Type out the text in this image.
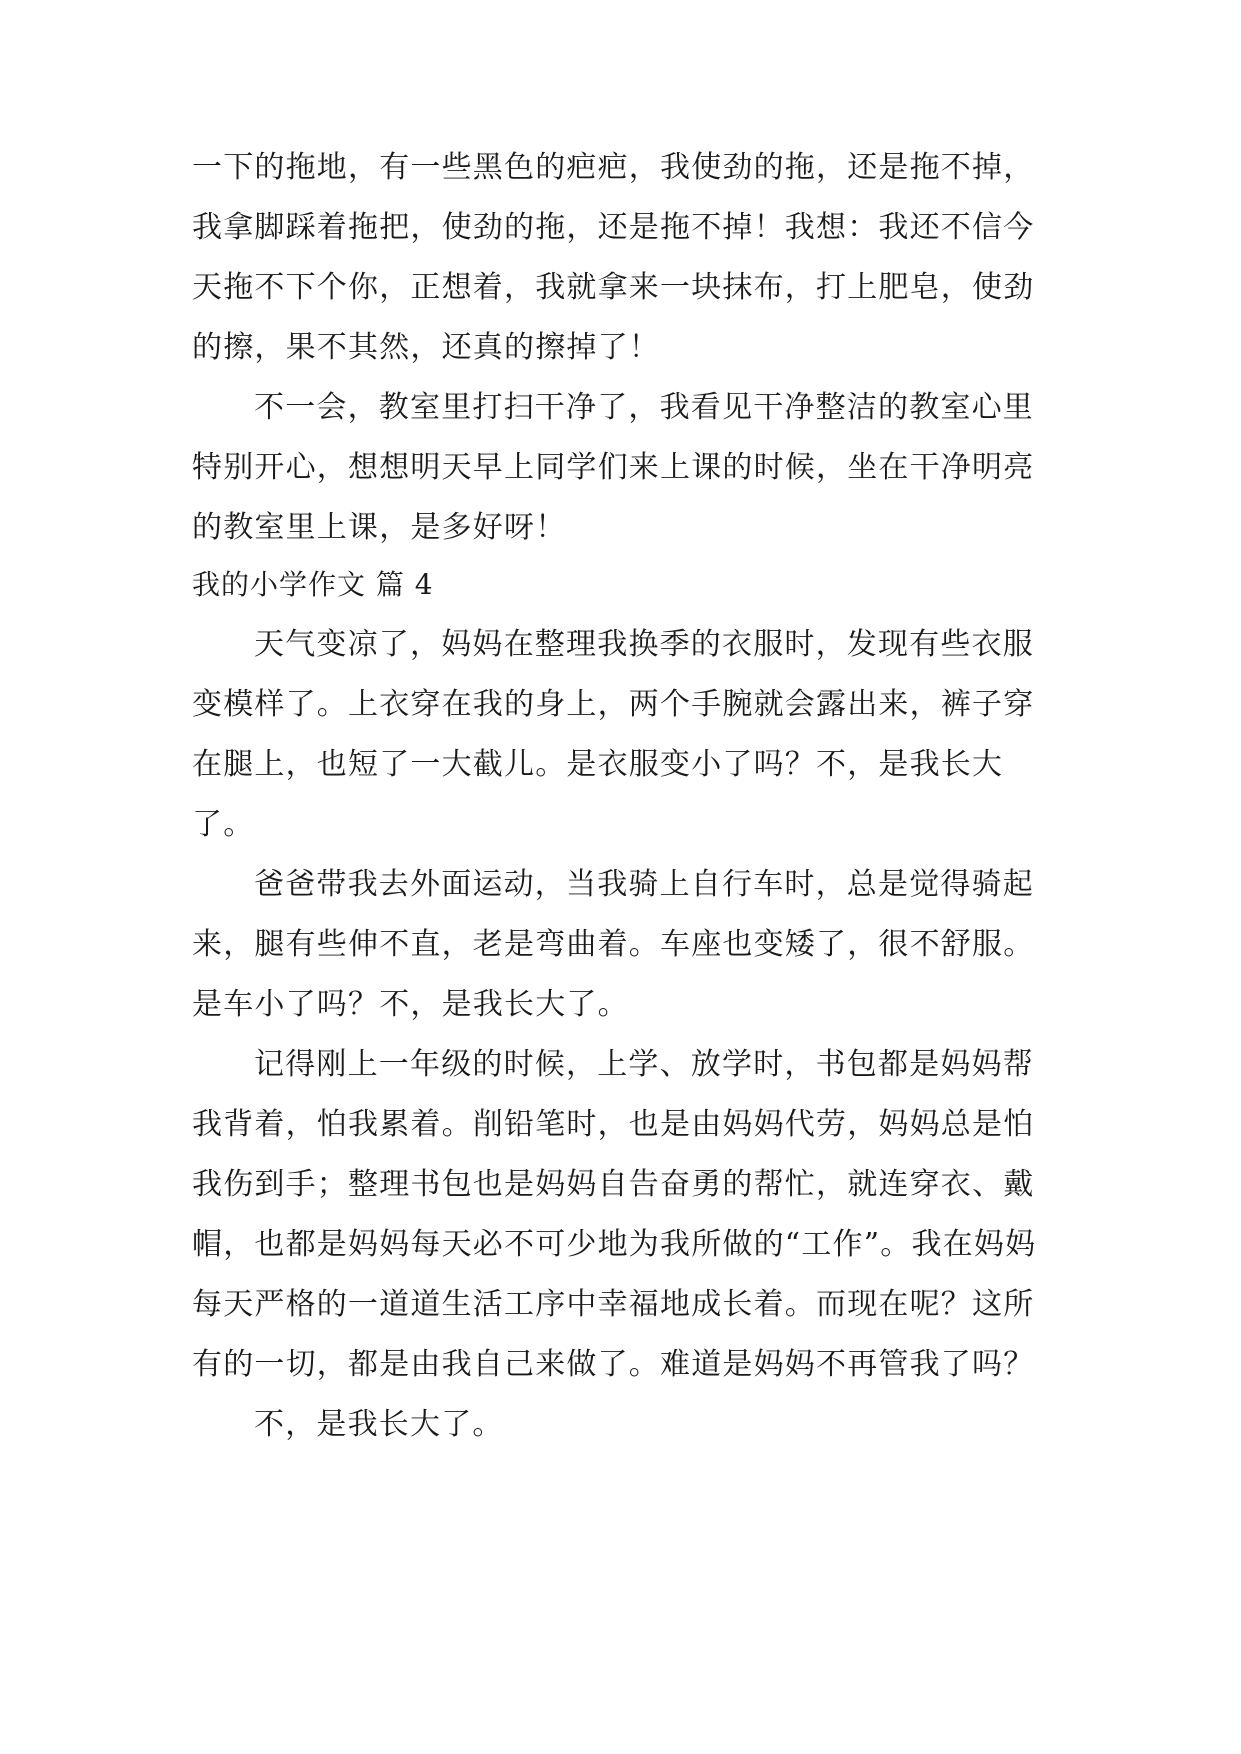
一下的拖地，有一些黑色的疤疤，我使劲的拖，还是拖不掉，我拿脚踩着拖把，使劲的拖，还是拖不掉！我想：我还不信今天拖不下个你，正想着，我就拿来一块抹布，打上肥皂，使劲的擦，果不其然，还真的擦掉了！

不一会，教室里打扫干净了，我看见干净整洁的教室心里特别开心，想想明天早上同学们来上课的时候，坐在干净明亮的教室里上课，是多好呀！

我的小学作文 篇 4

天气变凉了，妈妈在整理我换季的衣服时，发现有些衣服变模样了。上衣穿在我的身上，两个手腕就会露出来，裤子穿在腿上，也短了一大截儿。是衣服变小了吗？不，是我长大了。

爸爸带我去外面运动，当我骑上自行车时，总是觉得骑起来，腿有些伸不直，老是弯曲着。车座也变矮了，很不舒服。是车小了吗？不，是我长大了。

记得刚上一年级的时候，上学、放学时，书包都是妈妈帮我背着，怕我累着。削铅笔时，也是由妈妈代劳，妈妈总是怕我伤到手；整理书包也是妈妈自告奋勇的帮忙，就连穿衣、戴帽，也都是妈妈每天必不可少地为我所做的“工作”。我在妈妈每天严格的一道道生活工序中幸福地成长着。而现在呢？这所有的一切，都是由我自己来做了。难道是妈妈不再管我了吗？

不，是我长大了。
